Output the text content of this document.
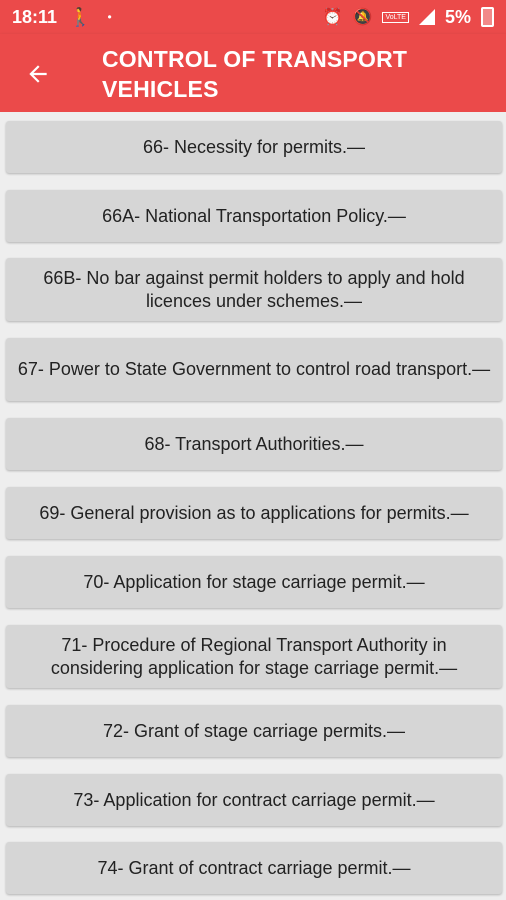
18:11 🚶 •	⏰ 🔕	VoLTE 5%
CONTROL OF TRANSPORT
VEHICLES
66- Necessity for permits.—
66A- National Transportation Policy.—
66B- No bar against permit holders to apply and hold licences under schemes.—
67- Power to State Government to control road transport.—
68- Transport Authorities.—
69- General provision as to applications for permits.—
70- Application for stage carriage permit.—
71- Procedure of Regional Transport Authority in considering application for stage carriage permit.—
72- Grant of stage carriage permits.—
73- Application for contract carriage permit.—
74- Grant of contract carriage permit.—
